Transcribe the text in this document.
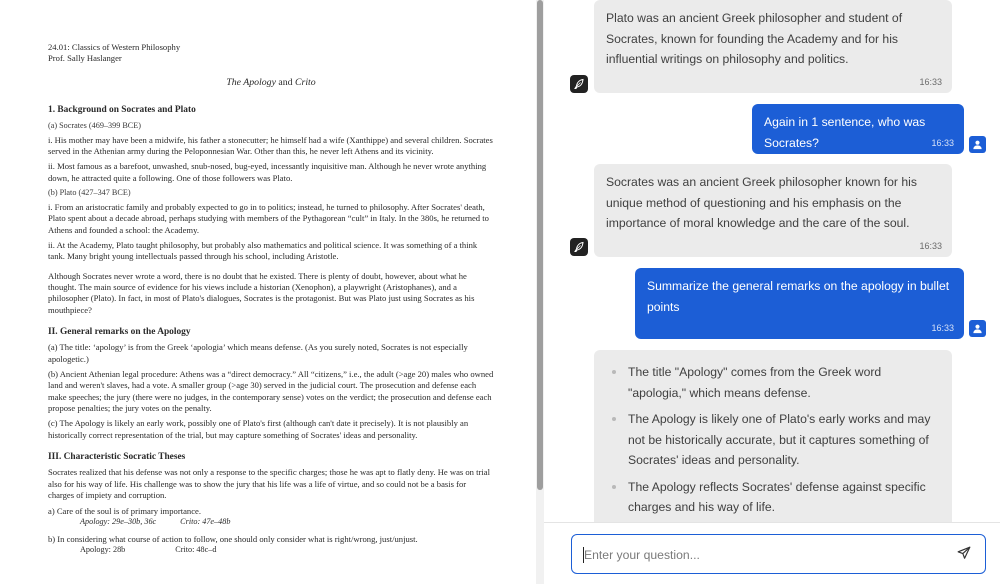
24.01: Classics of Western Philosophy
Prof. Sally Haslanger
The Apology and Crito
1. Background on Socrates and Plato
(a) Socrates (469–399 BCE)
i. His mother may have been a midwife, his father a stonecutter; he himself had a wife (Xanthippe) and several children. Socrates served in the Athenian army during the Peloponnesian War. Other than this, he never left Athens and its vicinity.
ii. Most famous as a barefoot, unwashed, snub-nosed, bug-eyed, incessantly inquisitive man. Although he never wrote anything down, he attracted quite a following. One of those followers was Plato.
(b) Plato (427–347 BCE)
i. From an aristocratic family and probably expected to go in to politics; instead, he turned to philosophy. After Socrates' death, Plato spent about a decade abroad, perhaps studying with members of the Pythagorean “cult” in Italy. In the 380s, he returned to Athens and founded a school: the Academy.
ii. At the Academy, Plato taught philosophy, but probably also mathematics and political science. It was something of a think tank. Many bright young intellectuals passed through his school, including Aristotle.
Although Socrates never wrote a word, there is no doubt that he existed. There is plenty of doubt, however, about what he thought. The main source of evidence for his views include a historian (Xenophon), a playwright (Aristophanes), and a philosopher (Plato). In fact, in most of Plato's dialogues, Socrates is the protagonist. But was Plato just using Socrates as his mouthpiece?
II. General remarks on the Apology
(a) The title: ‘apology’ is from the Greek ‘apologia’ which means defense. (As you surely noted, Socrates is not especially apologetic.)
(b) Ancient Athenian legal procedure: Athens was a “direct democracy.” All “citizens,” i.e., the adult (>age 20) males who owned land and weren't slaves, had a vote. A smaller group (>age 30) served in the judicial court. The prosecution and defense each make speeches; the jury (there were no judges, in the contemporary sense) votes on the verdict; the prosecution and defense each propose penalties; the jury votes on the penalty.
(c) The Apology is likely an early work, possibly one of Plato's first (although can't date it precisely). It is not plausibly an historically correct representation of the trial, but may capture something of Socrates' ideas and personality.
III. Characteristic Socratic Theses
Socrates realized that his defense was not only a response to the specific charges; those he was apt to flatly deny. He was on trial also for his way of life. His challenge was to show the jury that his life was a life of virtue, and so could not be a basis for charges of impiety and corruption.
a) Care of the soul is of primary importance.
Apology: 29e–30b, 36c	Crito: 47e–48b
b) In considering what course of action to follow, one should only consider what is right/wrong, just/unjust.
Apology: 28b	Crito: 48c–d
Plato was an ancient Greek philosopher and student of Socrates, known for founding the Academy and for his influential writings on philosophy and politics.
16:33
Again in 1 sentence, who was Socrates?	16:33
Socrates was an ancient Greek philosopher known for his unique method of questioning and his emphasis on the importance of moral knowledge and the care of the soul.
16:33
Summarize the general remarks on the apology in bullet points
16:33
The title "Apology" comes from the Greek word "apologia," which means defense.
The Apology is likely one of Plato's early works and may not be historically accurate, but it captures something of Socrates' ideas and personality.
The Apology reflects Socrates' defense against specific charges and his way of life.
Enter your question...
